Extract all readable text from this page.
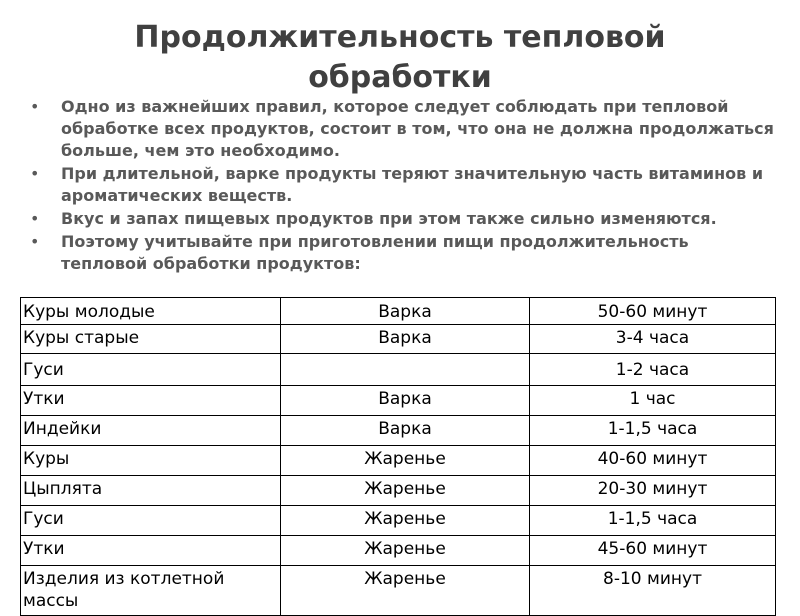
Продолжительность тепловой обработки
• Одно из важнейших правил, которое следует соблюдать при тепловой обработке всех продуктов, состоит в том, что она не должна продолжаться больше, чем это необходимо.
• При длительной, варке продукты теряют значительную часть витаминов и ароматических веществ.
• Вкус и запах пищевых продуктов при этом также сильно изменяются.
• Поэтому учитывайте при приготовлении пищи продолжительность тепловой обработки продуктов:
Куры молодые	Варка	50-60 минут
Куры старые	Варка	3-4 часа
Гуси		1-2 часа
Утки	Варка	1 час
Индейки	Варка	1-1,5 часа
Куры	Жаренье	40-60 минут
Цыплята	Жаренье	20-30 минут
Гуси	Жаренье	1-1,5 часа
Утки	Жаренье	45-60 минут
Изделия из котлетной массы	Жаренье	8-10 минут
